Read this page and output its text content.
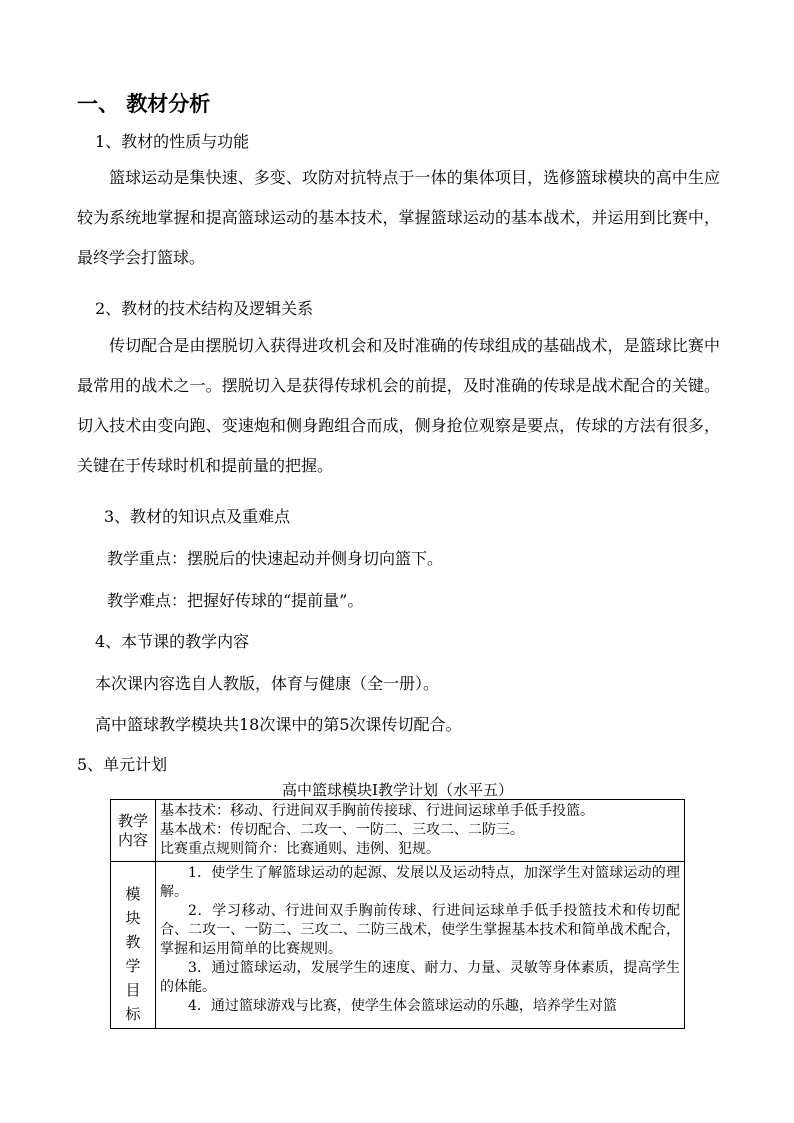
一、 教材分析
1、教材的性质与功能

篮球运动是集快速、多变、攻防对抗特点于一体的集体项目，选修篮球模块的高中生应较为系统地掌握和提高篮球运动的基本技术，掌握篮球运动的基本战术，并运用到比赛中，最终学会打篮球。

2、教材的技术结构及逻辑关系

传切配合是由摆脱切入获得进攻机会和及时准确的传球组成的基础战术，是篮球比赛中最常用的战术之一。摆脱切入是获得传球机会的前提，及时准确的传球是战术配合的关键。切入技术由变向跑、变速炮和侧身跑组合而成，侧身抢位观察是要点，传球的方法有很多，关键在于传球时机和提前量的把握。

3、教材的知识点及重难点
教学重点：摆脱后的快速起动并侧身切向篮下。
教学难点：把握好传球的“提前量”。
4、本节课的教学内容
本次课内容选自人教版，体育与健康（全一册）。
高中篮球教学模块共18次课中的第5次课传切配合。
5、单元计划
高中篮球模块Ⅰ教学计划（水平五）
教学内容	基本技术：移动、行进间双手胸前传接球、行进间运球单手低手投篮。

基本战术：传切配合、二攻一、一防二、三攻二、二防三。

比赛重点规则简介：比赛通则、违例、犯规。

模块教学目标	1．使学生了解篮球运动的起源、发展以及运动特点，加深学生对篮球运动的理解。

2．学习移动、行进间双手胸前传球、行进间运球单手低手投篮技术和传切配合、二攻一、一防二、三攻二、二防三战术，使学生掌握基本技术和简单战术配合，掌握和运用简单的比赛规则。

3．通过篮球运动，发展学生的速度、耐力、力量、灵敏等身体素质，提高学生的体能。

4．通过篮球游戏与比赛，使学生体会篮球运动的乐趣，培养学生对篮
